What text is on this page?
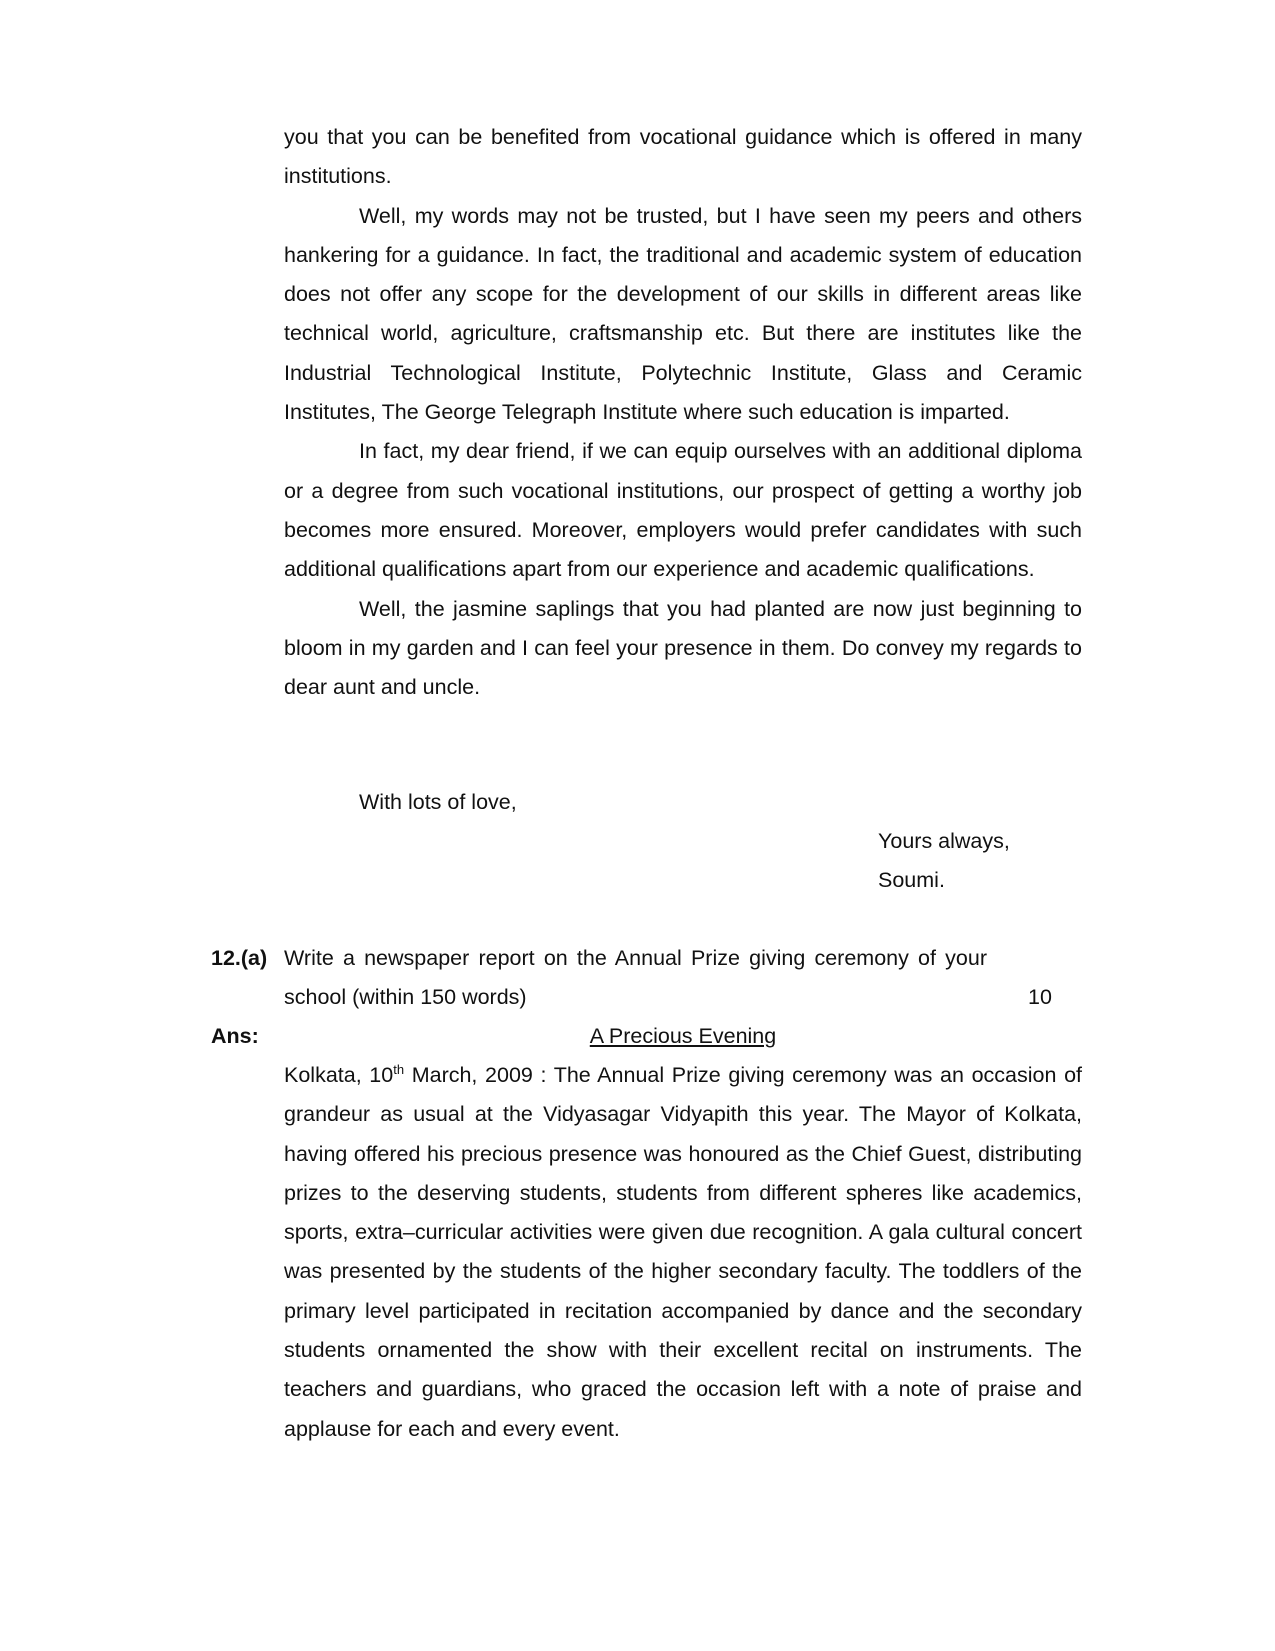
you that you can be benefited from vocational guidance which is offered in many institutions.

Well, my words may not be trusted, but I have seen my peers and others hankering for a guidance. In fact, the traditional and academic system of education does not offer any scope for the development of our skills in different areas like technical world, agriculture, craftsmanship etc. But there are institutes like the Industrial Technological Institute, Polytechnic Institute, Glass and Ceramic Institutes, The George Telegraph Institute where such education is imparted.

In fact, my dear friend, if we can equip ourselves with an additional diploma or a degree from such vocational institutions, our prospect of getting a worthy job becomes more ensured. Moreover, employers would prefer candidates with such additional qualifications apart from our experience and academic qualifications.

Well, the jasmine saplings that you had planted are now just beginning to bloom in my garden and I can feel your presence in them. Do convey my regards to dear aunt and uncle.

With lots of love,
Yours always,
Soumi.
12.(a) Write a newspaper report on the Annual Prize giving ceremony of your school (within 150 words)	10
Ans:	A Precious Evening

Kolkata, 10th March, 2009 : The Annual Prize giving ceremony was an occasion of grandeur as usual at the Vidyasagar Vidyapith this year. The Mayor of Kolkata, having offered his precious presence was honoured as the Chief Guest, distributing prizes to the deserving students, students from different spheres like academics, sports, extra–curricular activities were given due recognition. A gala cultural concert was presented by the students of the higher secondary faculty. The toddlers of the primary level participated in recitation accompanied by dance and the secondary students ornamented the show with their excellent recital on instruments. The teachers and guardians, who graced the occasion left with a note of praise and applause for each and every event.
